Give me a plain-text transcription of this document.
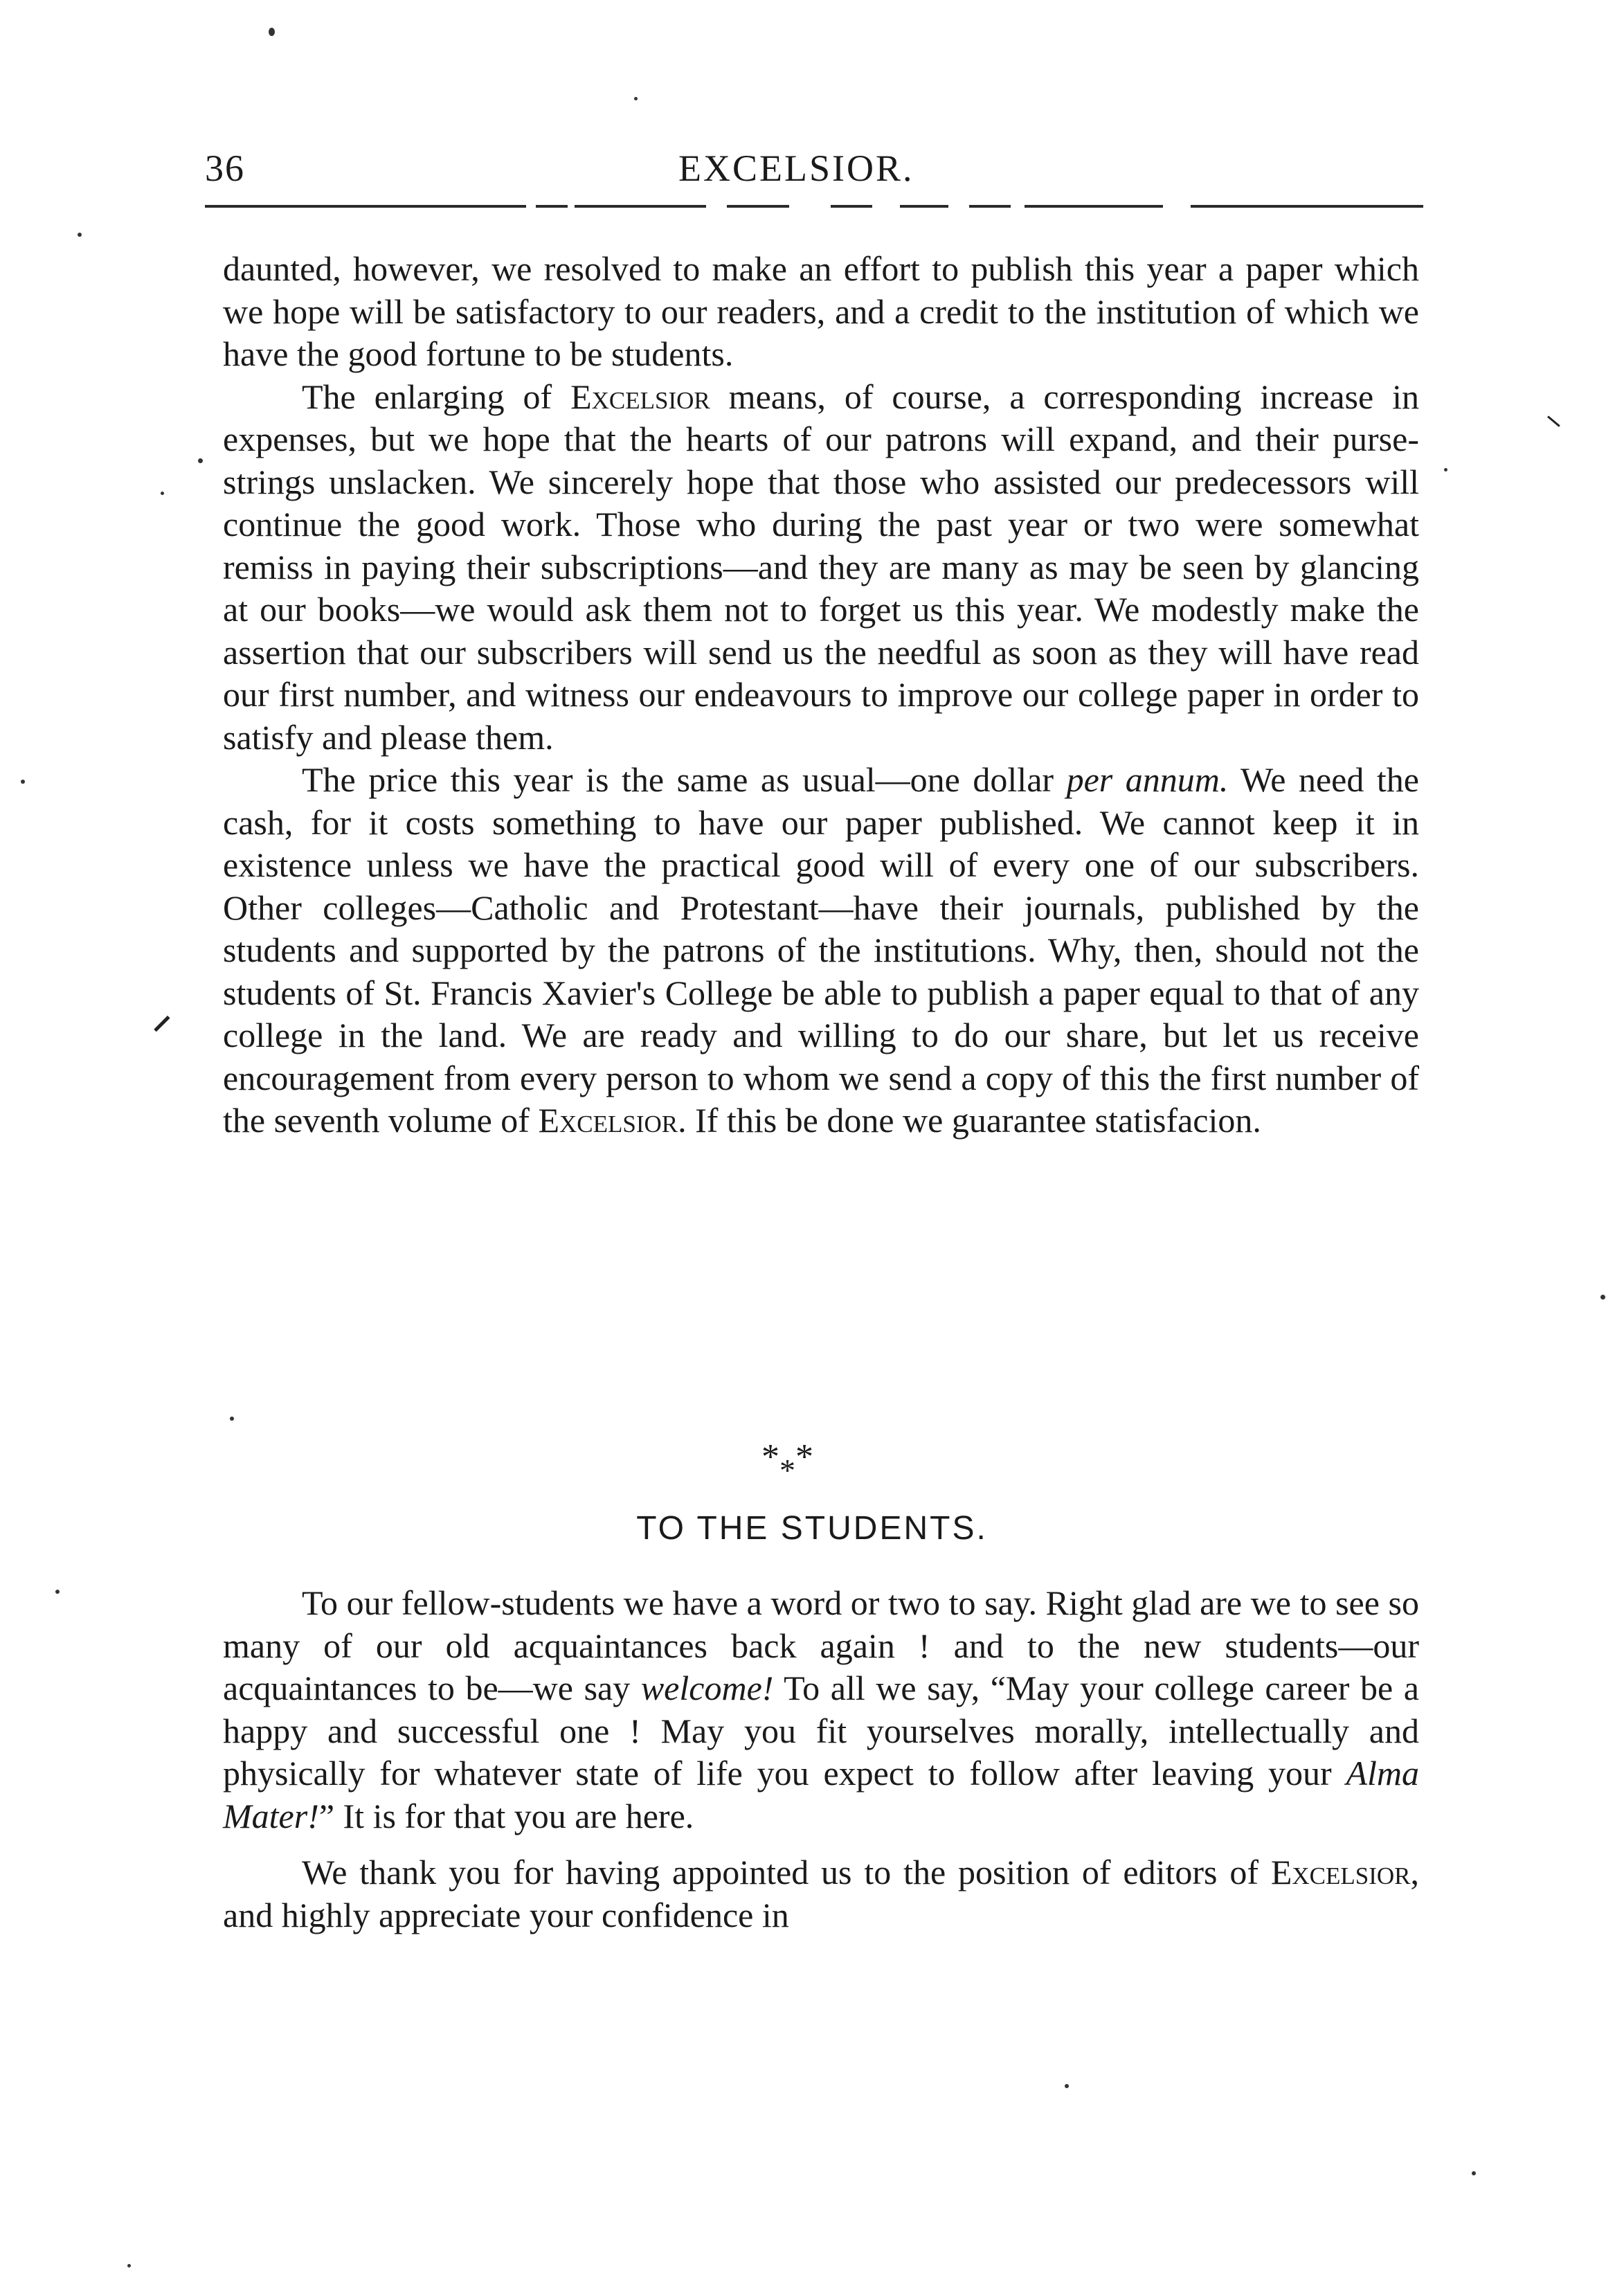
36	EXCELSIOR.

daunted, however, we resolved to make an effort to publish this year a paper which we hope will be satisfactory to our readers, and a credit to the institution of which we have the good fortune to be students.

The enlarging of Excelsior means, of course, a corresponding increase in expenses, but we hope that the hearts of our patrons will expand, and their purse-strings unslacken. We sincerely hope that those who assisted our predecessors will continue the good work. Those who during the past year or two were somewhat remiss in paying their subscriptions—and they are many as may be seen by glancing at our books—we would ask them not to forget us this year. We modestly make the assertion that our subscribers will send us the needful as soon as they will have read our first number, and witness our endeavours to improve our college paper in order to satisfy and please them.

The price this year is the same as usual—one dollar per annum. We need the cash, for it costs something to have our paper published. We cannot keep it in existence unless we have the practical good will of every one of our subscribers. Other colleges—Catholic and Protestant—have their journals, published by the students and supported by the patrons of the institutions. Why, then, should not the students of St. Francis Xavier's College be able to publish a paper equal to that of any college in the land. We are ready and willing to do our share, but let us receive encouragement from every person to whom we send a copy of this the first number of the seventh volume of Excelsior. If this be done we guarantee statisfacion.

***
TO THE STUDENTS.

To our fellow-students we have a word or two to say. Right glad are we to see so many of our old acquaintances back again ! and to the new students—our acquaintances to be—we say welcome! To all we say, “May your college career be a happy and successful one ! May you fit yourselves morally, intellectually and physically for whatever state of life you expect to follow after leaving your Alma Mater!” It is for that you are here.

We thank you for having appointed us to the position of editors of Excelsior, and highly appreciate your confidence in
